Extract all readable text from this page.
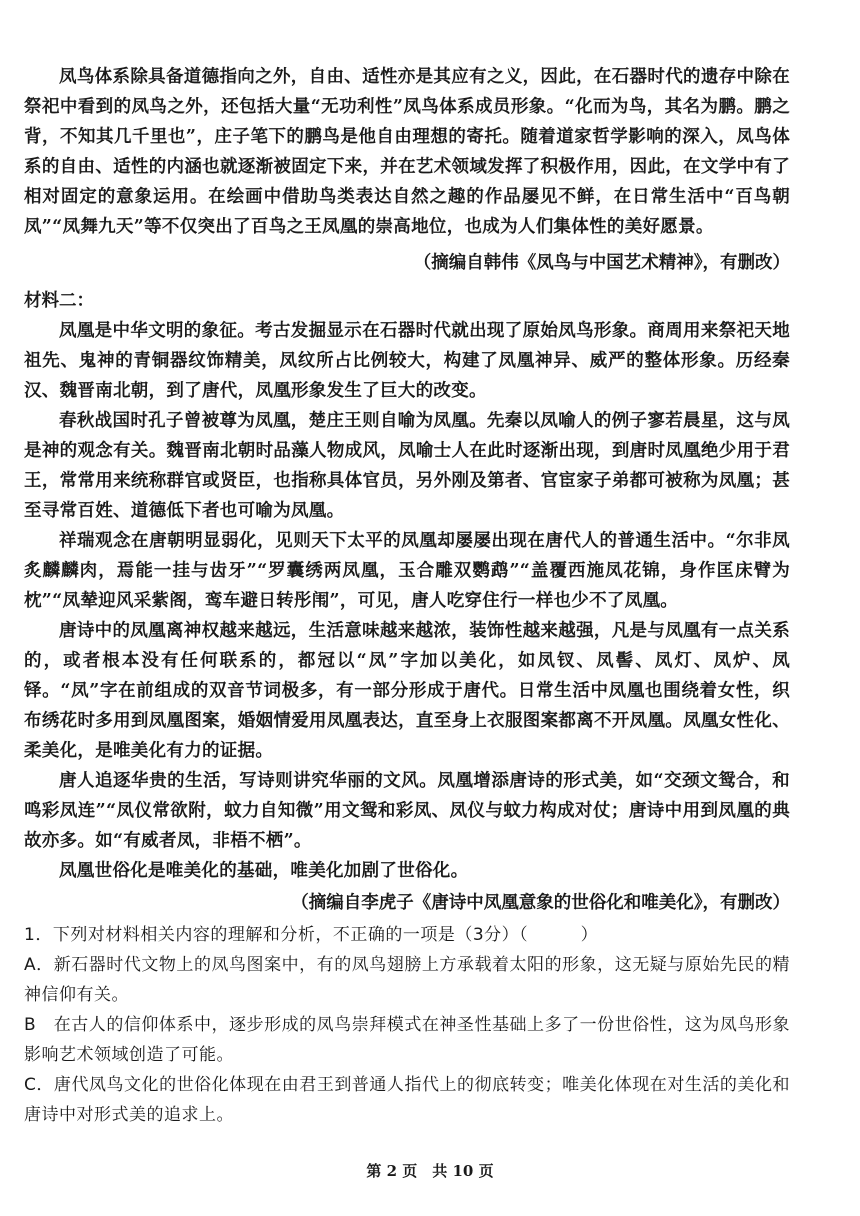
凤鸟体系除具备道德指向之外，自由、适性亦是其应有之义，因此，在石器时代的遗存中除在祭祀中看到的凤鸟之外，还包括大量“无功利性”凤鸟体系成员形象。“化而为鸟，其名为鹏。鹏之背，不知其几千里也”，庄子笔下的鹏鸟是他自由理想的寄托。随着道家哲学影响的深入，凤鸟体系的自由、适性的内涵也就逐渐被固定下来，并在艺术领域发挥了积极作用，因此，在文学中有了相对固定的意象运用。在绘画中借助鸟类表达自然之趣的作品屡见不鲜，在日常生活中“百鸟朝凤”“凤舞九天”等不仅突出了百鸟之王凤凰的崇高地位，也成为人们集体性的美好愿景。

（摘编自韩伟《凤鸟与中国艺术精神》，有删改）
材料二：

凤凰是中华文明的象征。考古发掘显示在石器时代就出现了原始凤鸟形象。商周用来祭祀天地祖先、鬼神的青铜器纹饰精美，凤纹所占比例较大，构建了凤凰神异、威严的整体形象。历经秦汉、魏晋南北朝，到了唐代，凤凰形象发生了巨大的改变。

春秋战国时孔子曾被尊为凤凰，楚庄王则自喻为凤凰。先秦以凤喻人的例子寥若晨星，这与凤是神的观念有关。魏晋南北朝时品藻人物成风，凤喻士人在此时逐渐出现，到唐时凤凰绝少用于君王，常常用来统称群官或贤臣，也指称具体官员，另外刚及第者、官宦家子弟都可被称为凤凰；甚至寻常百姓、道德低下者也可喻为凤凰。

祥瑞观念在唐朝明显弱化，见则天下太平的凤凰却屡屡出现在唐代人的普通生活中。“尔非凤炙麟麟肉，焉能一挂与齿牙”“罗囊绣两凤凰，玉合雕双鹦鹉”“盖覆西施凤花锦，身作匡床臂为枕”“凤辇迎风采紫阁，鸾车避日转彤闱”，可见，唐人吃穿住行一样也少不了凤凰。

唐诗中的凤凰离神权越来越远，生活意味越来越浓，装饰性越来越强，凡是与凤凰有一点关系的，或者根本没有任何联系的，都冠以“凤”字加以美化，如凤钗、凤髻、凤灯、凤炉、凤铎。“凤”字在前组成的双音节词极多，有一部分形成于唐代。日常生活中凤凰也围绕着女性，织布绣花时多用到凤凰图案，婚姻情爱用凤凰表达，直至身上衣服图案都离不开凤凰。凤凰女性化、柔美化，是唯美化有力的证据。

唐人追逐华贵的生活，写诗则讲究华丽的文风。凤凰增添唐诗的形式美，如“交颈文鸳合，和鸣彩凤连”“凤仪常欲附，蚊力自知微”用文鸳和彩凤、凤仪与蚊力构成对仗；唐诗中用到凤凰的典故亦多。如“有威者凤，非梧不栖”。

凤凰世俗化是唯美化的基础，唯美化加剧了世俗化。

（摘编自李虎子《唐诗中凤凰意象的世俗化和唯美化》，有删改）

1．下列对材料相关内容的理解和分析，不正确的一项是（3分）（　　　）

A．新石器时代文物上的凤鸟图案中，有的凤鸟翅膀上方承载着太阳的形象，这无疑与原始先民的精神信仰有关。

B　在古人的信仰体系中，逐步形成的凤鸟崇拜模式在神圣性基础上多了一份世俗性，这为凤鸟形象影响艺术领域创造了可能。

C．唐代凤鸟文化的世俗化体现在由君王到普通人指代上的彻底转变；唯美化体现在对生活的美化和唐诗中对形式美的追求上。

第 2 页　共 10 页
